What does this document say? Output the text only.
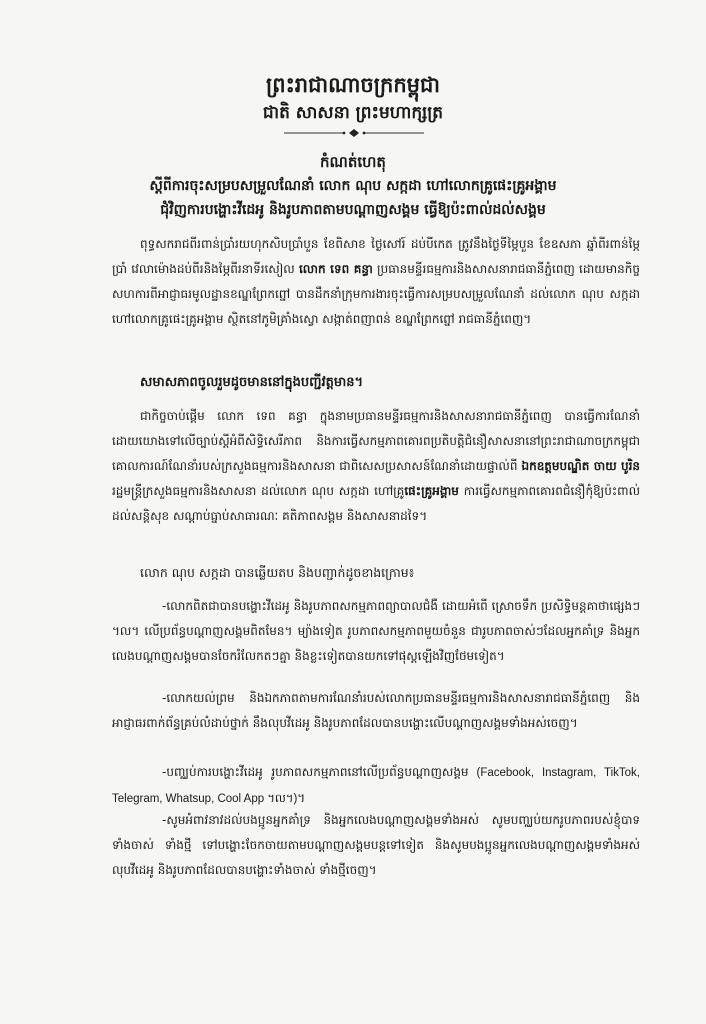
ព្រះរាជាណាចក្រកម្ពុជា
ជាតិ សាសនា ព្រះមហាក្សត្រ
កំណត់ហេតុ
ស្តីពីការចុះសម្របសម្រួលណែនាំ លោក ណុប សក្កដា ហៅលោកគ្រូផេះគ្រូអង្គាម
ជុំវិញការបង្ហោះវីដេអូ និងរូបភាពតាមបណ្តាញសង្គម ធ្វើឱ្យប៉ះពាល់ដល់សង្គម
ពុទ្ធសករាជពីរពាន់ប្រាំរយហុកសិបប្រាំបួន ខែពិសាខ ថ្ងៃសៅរ៍ ដប់បីកេត ត្រូវនឹងថ្ងៃទីម្ភៃបួន ខែឧសភា ឆ្នាំពីរពាន់ម្ភៃប្រាំ វេលាម៉ោងដប់ពីរនិងម្ភៃពីរនាទីរសៀល លោក ទេព គន្ធា ប្រធានមន្ទីរធម្មការនិងសាសនារាជធានីភ្នំពេញ ដោយមានកិច្ចសហការពីអាជ្ញាធរមូលដ្ឋានខណ្ឌព្រែកព្នៅ បានដឹកនាំក្រុមការងារចុះធ្វើការសម្របសម្រួលណែនាំ ដល់លោក ណុប សក្កដា ហៅលោកគ្រូផេះគ្រូអង្គាម ស្ថិតនៅភូមិគ្រាំងស្វោ សង្កាត់ពញាពន់ ខណ្ឌព្រែកព្នៅ រាជធានីភ្នំពេញ។
សមាសភាពចូលរួមដូចមាននៅក្នុងបញ្ជីវត្តមាន។
ជាកិច្ចចាប់ផ្តើម លោក ទេព គន្ធា ក្នុងនាមប្រធានមន្ទីរធម្មការនិងសាសនារាជធានីភ្នំពេញ បានធ្វើការណែនាំ ដោយយោងទៅលើច្បាប់ស្តីអំពីសិទ្ធិសេរីភាព និងការធ្វើសកម្មភាពគោរពប្រតិបត្តិជំនឿសាសនានៅព្រះរាជាណាចក្រកម្ពុជា គោលការណ៍ណែនាំរបស់ក្រសួងធម្មការនិងសាសនា ជាពិសេសប្រសាសន៍ណែនាំដោយផ្ទាល់ពី ឯកឧត្តមបណ្ឌិត ចាយ បូរិន រដ្ឋមន្ត្រីក្រសួងធម្មការនិងសាសនា ដល់លោក ណុប សក្កដា ហៅគ្រូផេះគ្រូអង្គាម ការធ្វើសកម្មភាពគោរពជំនឿកុំឱ្យប៉ះពាល់ដល់សន្តិសុខ សណ្តាប់ធ្នាប់សាធារណៈ គតិភាពសង្គម និងសាសនាដទៃ។
លោក ណុប សក្កដា បានឆ្លើយតប និងបញ្ជាក់ដូចខាងក្រោម៖
-លោកពិតជាបានបង្ហោះវីដេអូ និងរូបភាពសកម្មភាពព្យាបាលជំងឺ ដោយអំពើ ស្រោចទឹក ប្រសិទ្ធិមន្តគាថាផ្សេងៗ ។ល។ លើប្រព័ន្ធបណ្តាញសង្គមពិតមែន។ ម្យ៉ាងទៀត រូបភាពសកម្មភាពមួយចំនួន ជារូបភាពចាស់ៗដែលអ្នកគាំទ្រ និងអ្នកលេងបណ្តាញសង្គមបានចែករំលែកតៗគ្នា និងខ្លះទៀតបានយកទៅផុស្តឡើងវិញថែមទៀត។
-លោកយល់ព្រម និងឯកភាពតាមការណែនាំរបស់លោកប្រធានមន្ទីរធម្មការនិងសាសនារាជធានីភ្នំពេញ និងអាជ្ញាធរពាក់ព័ន្ធគ្រប់លំដាប់ថ្នាក់ នឹងលុបវីដេអូ និងរូបភាពដែលបានបង្ហោះលើបណ្តាញសង្គមទាំងអស់ចេញ។
-បញ្ឈប់ការបង្ហោះវីដេអូ រូបភាពសកម្មភាពនៅលើប្រព័ន្ធបណ្តាញសង្គម (Facebook, Instagram, TikTok, Telegram, Whatsup, Cool App ។ល។)។
-សូមអំពាវនាវដល់បងប្អូនអ្នកគាំទ្រ និងអ្នកលេងបណ្តាញសង្គមទាំងអស់ សូមបញ្ឈប់យករូបភាពរបស់ខ្ញុំបាទ ទាំងចាស់ ទាំងថ្មី ទៅបង្ហោះចែកចាយតាមបណ្តាញសង្គមបន្តទៅទៀត និងសូមបងប្អូនអ្នកលេងបណ្តាញសង្គមទាំងអស់ លុបវីដេអូ និងរូបភាពដែលបានបង្ហោះទាំងចាស់ ទាំងថ្មីចេញ។
